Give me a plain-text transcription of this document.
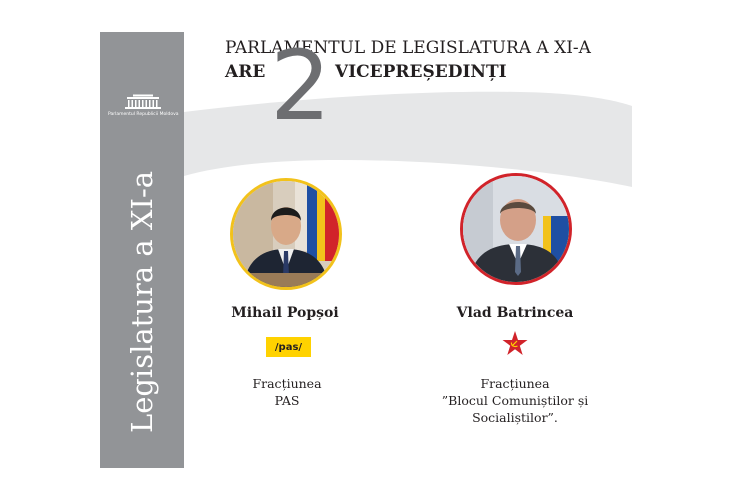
Parlamentul Republicii Moldova
Legislatura a XI-a
PARLAMENTUL DE LEGISLATURA A XI-A
ARE 2 VICEPREȘEDINȚI
Mihail Popșoi	Vlad Batrincea
/pas/
Fracțiunea
PAS
Fracțiunea
”Blocul Comuniștilor și
Socialiștilor”.
